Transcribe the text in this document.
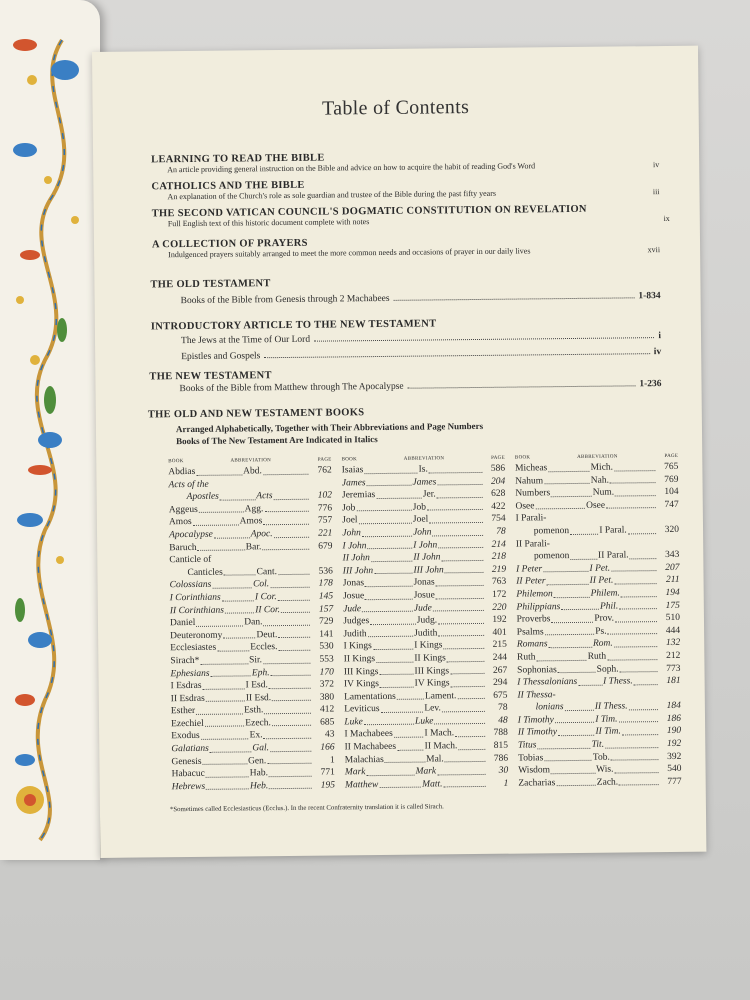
Table of Contents
LEARNING TO READ THE BIBLE
An article providing general instruction on the Bible and advice on how to acquire the habit of reading God's Word	iv
CATHOLICS AND THE BIBLE
An explanation of the Church's role as sole guardian and trustee of the Bible during the past fifty years	iii
THE SECOND VATICAN COUNCIL'S DOGMATIC CONSTITUTION ON REVELATION
Full English text of this historic document complete with notes	ix
A COLLECTION OF PRAYERS
Indulgenced prayers suitably arranged to meet the more common needs and occasions of prayer in our daily lives	xvii
THE OLD TESTAMENT
Books of the Bible from Genesis through 2 Machabees	1-834
INTRODUCTORY ARTICLE TO THE NEW TESTAMENT
The Jews at the Time of Our Lord	i
Epistles and Gospels	iv
THE NEW TESTAMENT
Books of the Bible from Matthew through The Apocalypse	1-236
THE OLD AND NEW TESTAMENT BOOKS
Arranged Alphabetically, Together with Their Abbreviations and Page Numbers
Books of The New Testament Are Indicated in Italics
BOOK	ABBREVIATION	PAGE
Abdias	Abd.	762
Acts of the
Apostles	Acts	102
Aggeus	Agg.	776
Amos	Amos	757
Apocalypse	Apoc.	221
Baruch	Bar.	679
Canticle of
Canticles	Cant.	536
Colossians	Col.	178
I Corinthians	I Cor.	145
II Corinthians	II Cor.	157
Daniel	Dan.	729
Deuteronomy	Deut.	141
Ecclesiastes	Eccles.	530
Sirach*	Sir.	553
Ephesians	Eph.	170
I Esdras	I Esd.	372
II Esdras	II Esd.	380
Esther	Esth.	412
Ezechiel	Ezech.	685
Exodus	Ex.	43
Galatians	Gal.	166
Genesis	Gen.	1
Habacuc	Hab.	771
Hebrews	Heb.	195
BOOK	ABBREVIATION	PAGE
Isaias	Is.	586
James	James	204
Jeremias	Jer.	628
Job	Job	422
Joel	Joel	754
John	John	78
I John	I John	214
II John	II John	218
III John	III John	219
Jonas	Jonas	763
Josue	Josue	172
Jude	Jude	220
Judges	Judg.	192
Judith	Judith	401
I Kings	I Kings	215
II Kings	II Kings	244
III Kings	III Kings	267
IV Kings	IV Kings	294
Lamentations	Lament.	675
Leviticus	Lev.	78
Luke	Luke	48
I Machabees	I Mach.	788
II Machabees	II Mach.	815
Malachias	Mal.	786
Mark	Mark	30
Matthew	Matt.	1
BOOK	ABBREVIATION	PAGE
Micheas	Mich.	765
Nahum	Nah.	769
Numbers	Num.	104
Osee	Osee	747
I Parali-
pomenon	I Paral.	320
II Parali-
pomenon	II Paral.	343
I Peter	I Pet.	207
II Peter	II Pet.	211
Philemon	Philem.	194
Philippians	Phil.	175
Proverbs	Prov.	510
Psalms	Ps.	444
Romans	Rom.	132
Ruth	Ruth	212
Sophonias	Soph.	773
I Thessalonians	I Thess.	181
II Thessa-
lonians	II Thess.	184
I Timothy	I Tim.	186
II Timothy	II Tim.	190
Titus	Tit.	192
Tobias	Tob.	392
Wisdom	Wis.	540
Zacharias	Zach.	777
*Sometimes called Ecclesiasticus (Ecclus.). In the recent Confraternity translation it is called Sirach.
